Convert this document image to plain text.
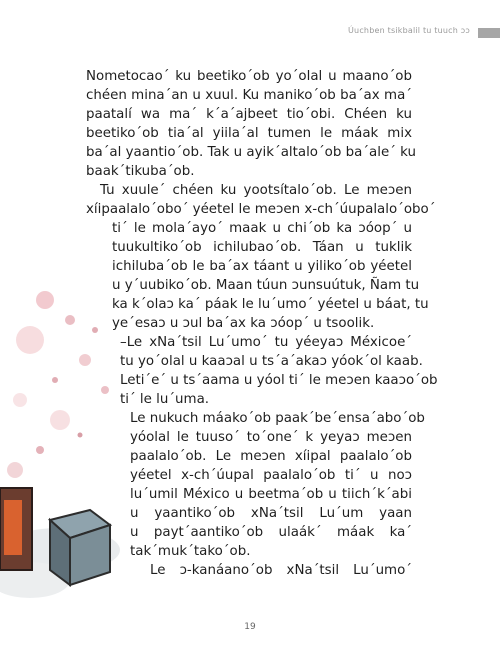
Úuchben tsikbalil tu tuuch ɔɔ
Nometocao´ ku beetiko´ob yo´olal u maano´ob
chéen mina´an u xuul. Ku maniko´ob ba´ax ma´
paatalí wa ma´ k´a´ajbeet tio´obi. Chéen ku
beetiko´ob tia´al yiila´al tumen le máak mix
ba´al yaantio´ob. Tak u ayik´altalo´ob ba´ale´ ku
baak´tikuba´ob.
Tu xuule´ chéen ku yootsítalo´ob. Le meɔen
xíipaalalo´obo´ yéetel le meɔen x-ch´úupalalo´obo´
ti´ le mola´ayo´ maak u chi´ob ka ɔóop´ u
tuukultiko´ob ichilubao´ob. Táan u tuklik
ichiluba´ob le ba´ax táant u yiliko´ob yéetel
u y´uubiko´ob. Maan túun ɔunsuútuk, Ñam tu
ka k´olaɔ ka´ páak le lu´umo´ yéetel u báat, tu
ye´esaɔ u ɔul ba´ax ka ɔóop´ u tsoolik.
–Le xNa´tsil Lu´umo´ tu yéeyaɔ Méxicoe´
tu yo´olal u kaaɔal u ts´a´akaɔ yóok´ol kaab.
Leti´e´ u ts´aama u yóol ti´ le meɔen kaaɔo´ob
ti´ le lu´uma.
Le nukuch máako´ob paak´be´ensa´abo´ob
yóolal le tuuso´ to´one´ k yeyaɔ meɔen
paalalo´ob. Le meɔen xíipal paalalo´ob
yéetel x-ch´úupal paalalo´ob ti´ u noɔ
lu´umil México u beetma´ob u tiich´k´abi
u yaantiko´ob xNa´tsil Lu´um yaan
u payt´aantiko´ob ulaák´ máak ka´
tak´muk´tako´ob.
Le ɔ-kanáano´ob xNa´tsil Lu´umo´
19
